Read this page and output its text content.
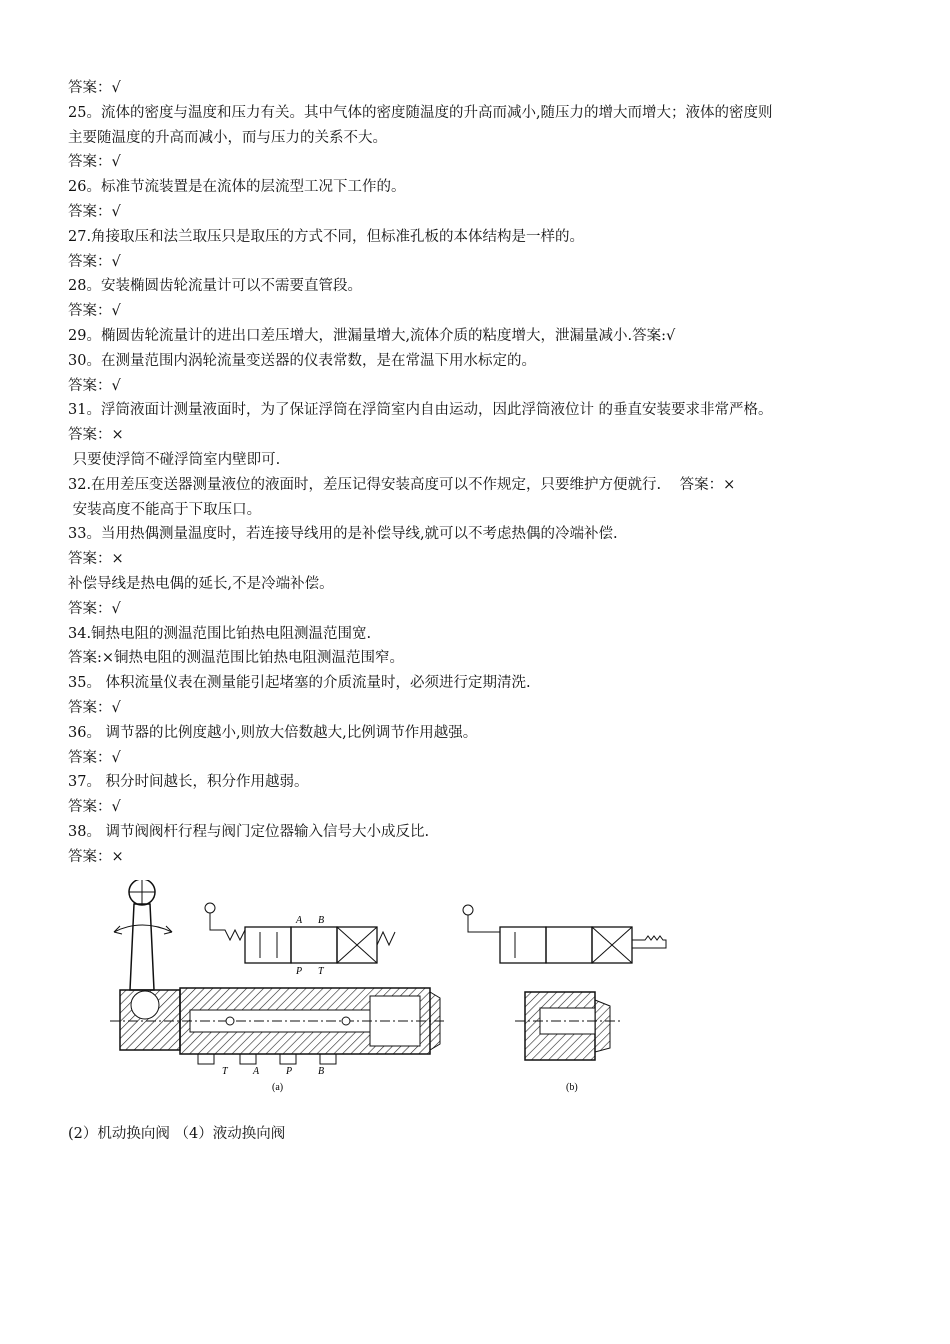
答案：√

25。流体的密度与温度和压力有关。其中气体的密度随温度的升高而减小,随压力的增大而增大；液体的密度则

主要随温度的升高而减小，而与压力的关系不大。

答案：√

26。标准节流装置是在流体的层流型工况下工作的。

答案：√

27.角接取压和法兰取压只是取压的方式不同，但标准孔板的本体结构是一样的。

答案：√

28。安装椭圆齿轮流量计可以不需要直管段。

答案：√

29。椭圆齿轮流量计的进出口差压增大，泄漏量增大,流体介质的粘度增大，泄漏量减小.答案:√

30。在测量范围内涡轮流量变送器的仪表常数，是在常温下用水标定的。

答案：√

31。浮筒液面计测量液面时，为了保证浮筒在浮筒室内自由运动，因此浮筒液位计 的垂直安装要求非常严格。

答案：×

只要使浮筒不碰浮筒室内壁即可.

32.在用差压变送器测量液位的液面时，差压记得安装高度可以不作规定，只要维护方便就行.    答案：×

安装高度不能高于下取压口。

33。当用热偶测量温度时，若连接导线用的是补偿导线,就可以不考虑热偶的冷端补偿.

答案：×

补偿导线是热电偶的延长,不是冷端补偿。

答案：√

34.铜热电阻的测温范围比铂热电阻测温范围宽.

答案:×铜热电阻的测温范围比铂热电阻测温范围窄。

35。 体积流量仪表在测量能引起堵塞的介质流量时，必须进行定期清洗.

答案：√

36。 调节器的比例度越小,则放大倍数越大,比例调节作用越强。

答案：√

37。 积分时间越长，积分作用越弱。

答案：√

38。 调节阀阀杆行程与阀门定位器输入信号大小成反比.

答案：×

T	A	P	B
(a)
A B
P T
(b)
(2）机动换向阀 （4）液动换向阀
